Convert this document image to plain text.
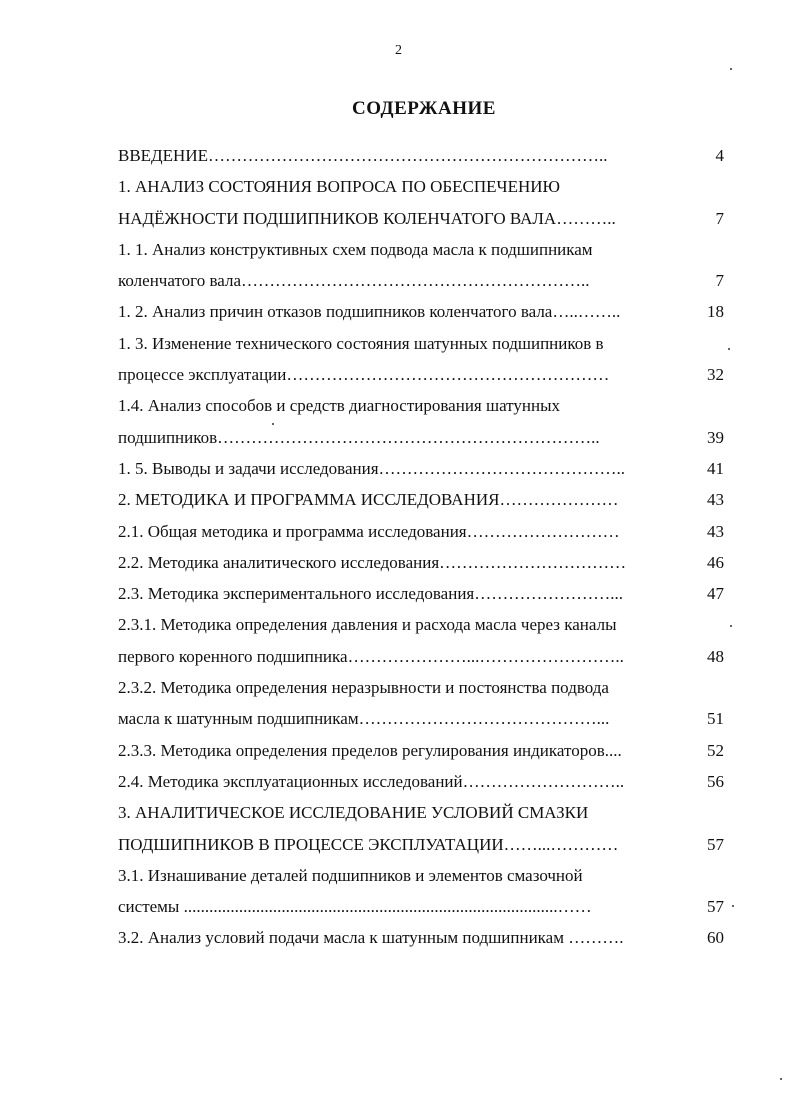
2
СОДЕРЖАНИЕ
ВВЕДЕНИЕ……………………………………………………………..	4
1. АНАЛИЗ СОСТОЯНИЯ ВОПРОСА ПО ОБЕСПЕЧЕНИЮ
НАДЁЖНОСТИ ПОДШИПНИКОВ КОЛЕНЧАТОГО ВАЛА………..	7
1. 1. Анализ конструктивных схем подвода масла к подшипникам
коленчатого вала……………………………………………………..	7
1. 2. Анализ причин отказов подшипников коленчатого вала…..……..	18
1. 3. Изменение технического состояния шатунных подшипников в
процессе эксплуатации…………………………………………………	32
1.4. Анализ способов и средств диагностирования шатунных
подшипников…………………………………………………………..	39
1. 5. Выводы и задачи исследования……………………………………..	41
2. МЕТОДИКА И ПРОГРАММА ИССЛЕДОВАНИЯ…………………	43
2.1. Общая методика и программа исследования………………………	43
2.2. Методика аналитического исследования……………………………	46
2.3. Методика экспериментального исследования……………………...	47
2.3.1. Методика определения давления и расхода масла через каналы
первого коренного подшипника…………………...……………………..	48
2.3.2. Методика определения неразрывности и постоянства подвода
масла к шатунным подшипникам……………………………………...	51
2.3.3. Методика определения пределов регулирования индикаторов....	52
2.4. Методика эксплуатационных исследований………………………..	56
3. АНАЛИТИЧЕСКОЕ ИССЛЕДОВАНИЕ УСЛОВИЙ СМАЗКИ
ПОДШИПНИКОВ В ПРОЦЕССЕ ЭКСПЛУАТАЦИИ……...…………	57
3.1. Изнашивание деталей подшипников и элементов смазочной
системы ........................................................................................……	57
3.2. Анализ условий подачи масла к шатунным подшипникам ……….	60
